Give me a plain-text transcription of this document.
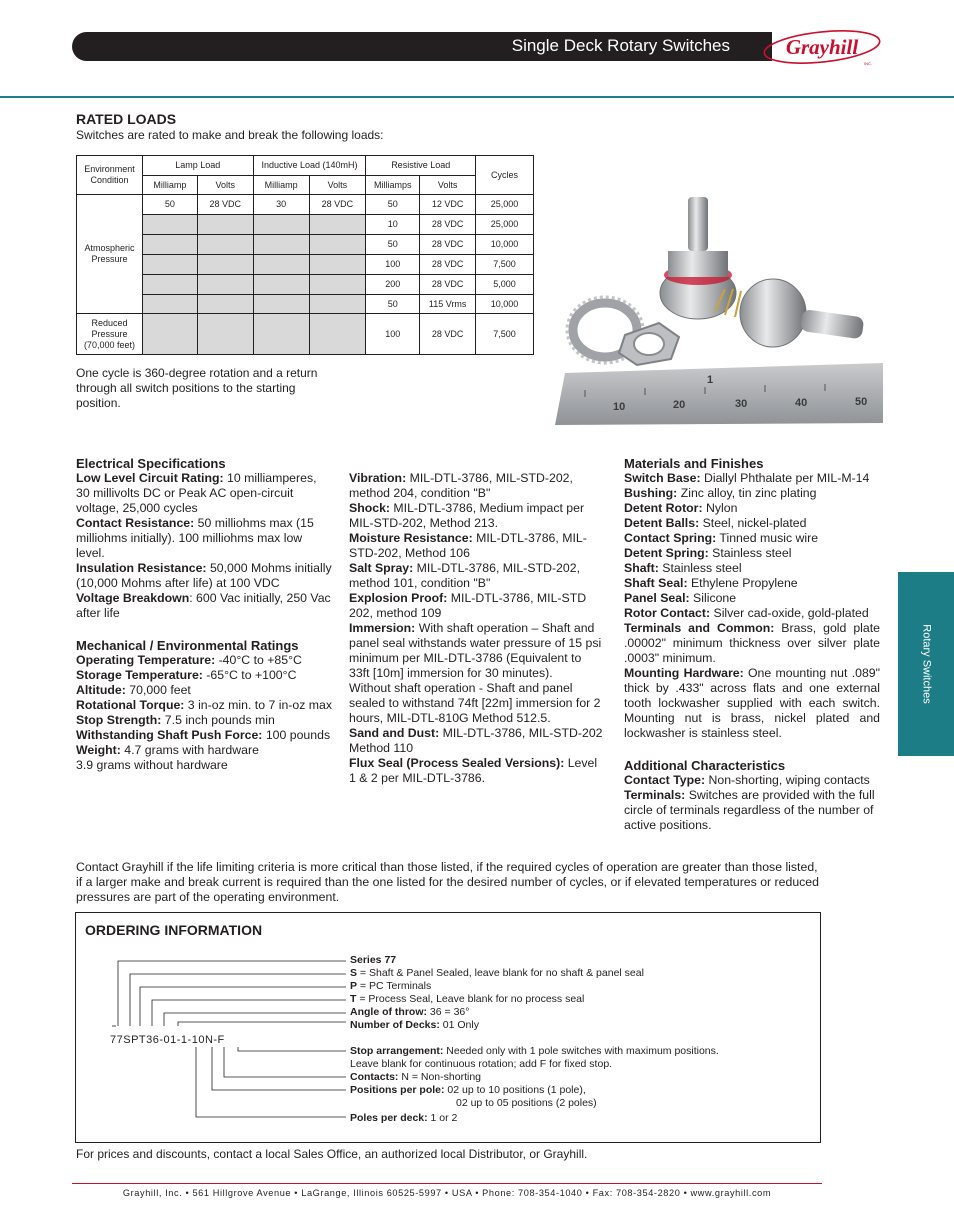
Single Deck Rotary Switches	Grayhill
INC.
RATED LOADS
Switches are rated to make and break the following loads:
Environment Condition	Lamp Load		Inductive Load (140mH)		Resistive Load		Cycles
	Milliamp	Volts	Milliamp	Volts	Milliamps	Volts	
Atmospheric Pressure	50	28 VDC	30	28 VDC	50	12 VDC	25,000
					10	28 VDC	25,000
					50	28 VDC	10,000
					100	28 VDC	7,500
					200	28 VDC	5,000
					50	115 Vrms	10,000
Reduced Pressure (70,000 feet)					100	28 VDC	7,500
One cycle is 360-degree rotation and a return through all switch positions to the starting position.
1
10	20	30	40	50
Electrical Specifications

Low Level Circuit Rating: 10 milliamperes, 30 millivolts DC or Peak AC open-circuit voltage, 25,000 cycles

Contact Resistance: 50 milliohms max (15 milliohms initially). 100 milliohms max low level.

Insulation Resistance: 50,000 Mohms initially (10,000 Mohms after life) at 100 VDC

Voltage Breakdown: 600 Vac initially, 250 Vac after life

Mechanical / Environmental Ratings

Operating Temperature: -40°C to +85°C

Storage Temperature: -65°C to +100°C

Altitude: 70,000 feet

Rotational Torque: 3 in-oz min. to 7 in-oz max

Stop Strength: 7.5 inch pounds min

Withstanding Shaft Push Force: 100 pounds

Weight: 4.7 grams with hardware

3.9 grams without hardware

Vibration: MIL-DTL-3786, MIL-STD-202, method 204, condition "B"

Shock: MIL-DTL-3786, Medium impact per MIL-STD-202, Method 213.

Moisture Resistance: MIL-DTL-3786, MIL-STD-202, Method 106

Salt Spray: MIL-DTL-3786, MIL-STD-202, method 101, condition "B"

Explosion Proof: MIL-DTL-3786, MIL-STD 202, method 109

Immersion: With shaft operation – Shaft and panel seal withstands water pressure of 15 psi minimum per MIL-DTL-3786 (Equivalent to 33ft [10m] immersion for 30 minutes).

Without shaft operation - Shaft and panel sealed to withstand 74ft [22m] immersion for 2 hours, MIL-DTL-810G Method 512.5.

Sand and Dust: MIL-DTL-3786, MIL-STD-202 Method 110

Flux Seal (Process Sealed Versions): Level 1 & 2 per MIL-DTL-3786.

Materials and Finishes

Switch Base: Diallyl Phthalate per MIL-M-14

Bushing: Zinc alloy, tin zinc plating

Detent Rotor: Nylon

Detent Balls: Steel, nickel-plated

Contact Spring: Tinned music wire

Detent Spring: Stainless steel

Shaft: Stainless steel

Shaft Seal: Ethylene Propylene

Panel Seal: Silicone

Rotor Contact: Silver cad-oxide, gold-plated

Terminals and Common: Brass, gold plate .00002" minimum thickness over silver plate .0003" minimum.

Mounting Hardware: One mounting nut .089" thick by .433" across flats and one external tooth lockwasher supplied with each switch. Mounting nut is brass, nickel plated and lockwasher is stainless steel.

Additional Characteristics

Contact Type: Non-shorting, wiping contacts

Terminals: Switches are provided with the full circle of terminals regardless of the number of active positions.

Rotary Switches
Contact Grayhill if the life limiting criteria is more critical than those listed, if the required cycles of operation are greater than those listed, if a larger make and break current is required than the one listed for the desired number of cycles, or if elevated temperatures or reduced pressures are part of the operating environment.
ORDERING INFORMATION
77SPT36-01-1-10N-F
Series 77
S = Shaft & Panel Sealed, leave blank for no shaft & panel seal
P = PC Terminals
T = Process Seal, Leave blank for no process seal
Angle of throw: 36 = 36°
Number of Decks: 01 Only
Stop arrangement: Needed only with 1 pole switches with maximum positions.
Leave blank for continuous rotation; add F for fixed stop.
Contacts: N = Non-shorting
Positions per pole: 02 up to 10 positions (1 pole),
02 up to 05 positions (2 poles)
Poles per deck: 1 or 2
For prices and discounts, contact a local Sales Office, an authorized local Distributor, or Grayhill.
Grayhill, Inc. • 561 Hillgrove Avenue • LaGrange, Illinois 60525-5997 • USA • Phone: 708-354-1040 • Fax: 708-354-2820 • www.grayhill.com
